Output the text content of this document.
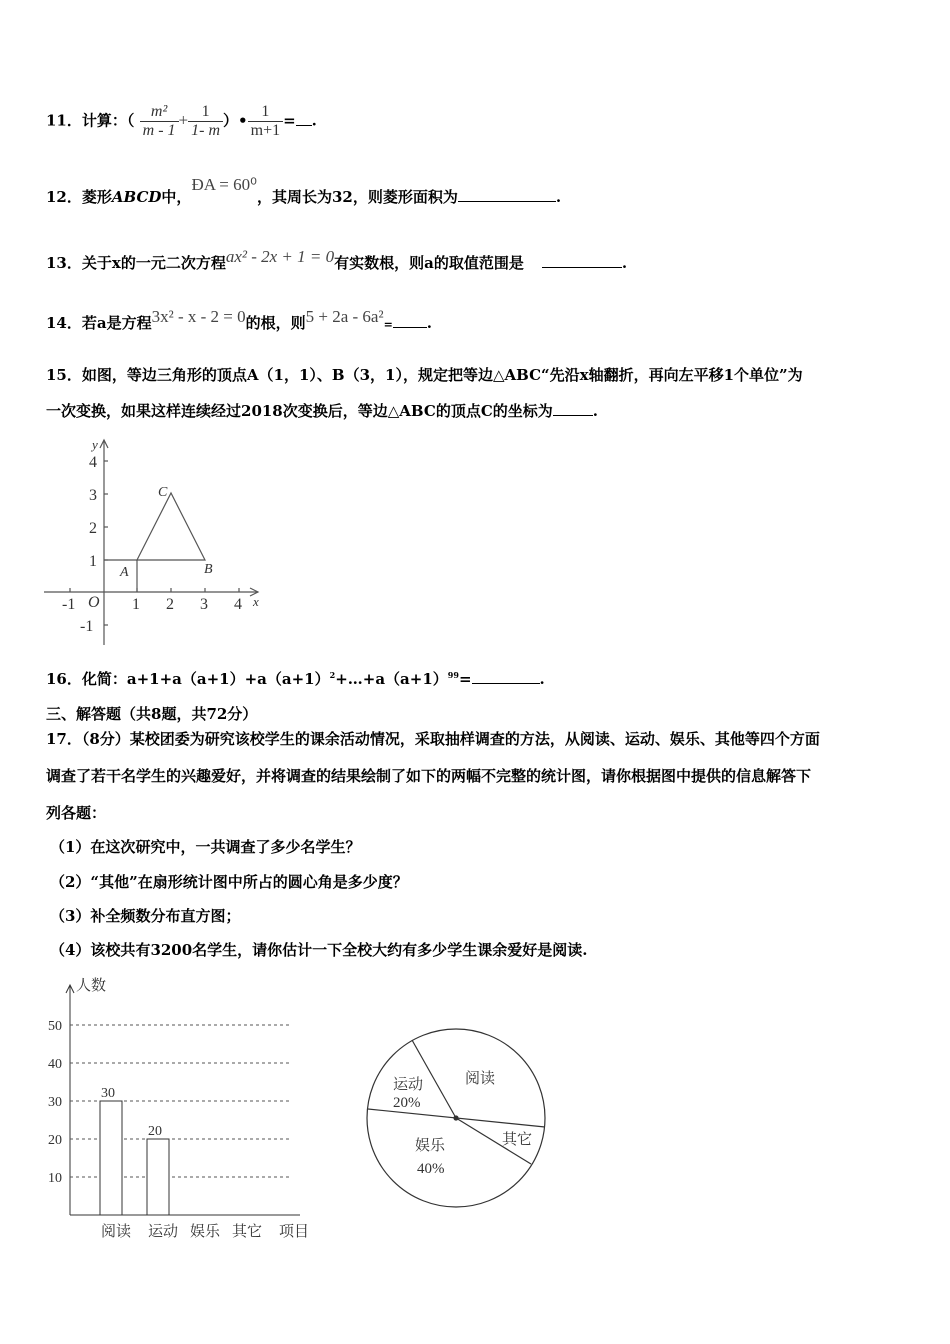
11．计算：（ $\frac{\text{m²}}{m - 1} + \frac{1}{1- m}$ ）• $\frac{1}{m+1}$ = .
12．菱形ABCD中，ÐA = 60⁰，其周长为32，则菱形面积为	.
13．关于x的一元二次方程ax² - 2x + 1 = 0有实数根，则a的取值范围是	.
14．若a是方程3x² - x - 2 = 0的根，则5 + 2a - 6a²= .
15．如图，等边三角形的顶点A（1，1）、B（3，1），规定把等边△ABC“先沿x轴翻折，再向左平移1个单位”为
一次变换，如果这样连续经过2018次变换后，等边△ABC的顶点C的坐标为	.
y
x
O
A	B
C
-1	1 2 3 4
4
3
2
1
-1
16．化简：$a+1+a(a+1)+a(a+1)^2+\dots+a(a+1)^{99}=$	.
三、解答题（共8题，共72分）
17．（8分）某校团委为研究该校学生的课余活动情况，采取抽样调查的方法，从阅读、运动、娱乐、其他等四个方面
调查了若干名学生的兴趣爱好，并将调查的结果绘制了如下的两幅不完整的统计图，请你根据图中提供的信息解答下
列各题：
（1）在这次研究中，一共调查了多少名学生？
（2）“其他”在扇形统计图中所占的圆心角是多少度？
（3）补全频数分布直方图；
（4）该校共有3200名学生，请你估计一下全校大约有多少学生课余爱好是阅读.
人数
10
20
30
40
50
阅读
30
运动
20
娱乐 其它 项目
阅读
运动
20%
娱乐
40%
其它
